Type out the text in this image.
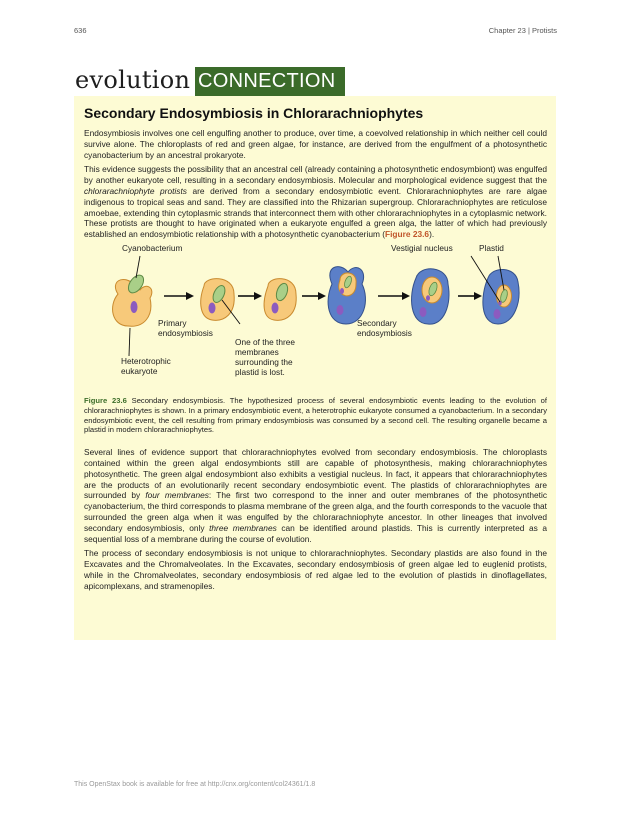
636	Chapter 23 | Protists
evolution CONNECTION
Secondary Endosymbiosis in Chlorarachniophytes

Endosymbiosis involves one cell engulfing another to produce, over time, a coevolved relationship in which neither cell could survive alone. The chloroplasts of red and green algae, for instance, are derived from the engulfment of a photosynthetic cyanobacterium by an ancestral prokaryote.

This evidence suggests the possibility that an ancestral cell (already containing a photosynthetic endosymbiont) was engulfed by another eukaryote cell, resulting in a secondary endosymbiosis. Molecular and morphological evidence suggest that the chlorarachniophyte protists are derived from a secondary endosymbiotic event. Chlorarachniophytes are rare algae indigenous to tropical seas and sand. They are classified into the Rhizarian supergroup. Chlorarachniophytes are reticulose amoebae, extending thin cytoplasmic strands that interconnect them with other chlorarachniophytes in a cytoplasmic network. These protists are thought to have originated when a eukaryote engulfed a green alga, the latter of which had previously established an endosymbiotic relationship with a photosynthetic cyanobacterium (Figure 23.6).

Cyanobacterium	Vestigial nucleus	Plastid
Primary
endosymbiosis
Secondary
endosymbiosis
Heterotrophic
eukaryote
One of the three
membranes
surrounding the
plastid is lost.
Figure 23.6 Secondary endosymbiosis. The hypothesized process of several endosymbiotic events leading to the evolution of chlorarachniophytes is shown. In a primary endosymbiotic event, a heterotrophic eukaryote consumed a cyanobacterium. In a secondary endosymbiotic event, the cell resulting from primary endosymbiosis was consumed by a second cell. The resulting organelle became a plastid in modern chlorarachniophytes.

Several lines of evidence support that chlorarachniophytes evolved from secondary endosymbiosis. The chloroplasts contained within the green algal endosymbionts still are capable of photosynthesis, making chlorarachniophytes photosynthetic. The green algal endosymbiont also exhibits a vestigial nucleus. In fact, it appears that chlorarachniophytes are the products of an evolutionarily recent secondary endosymbiotic event. The plastids of chlorarachniophytes are surrounded by four membranes: The first two correspond to the inner and outer membranes of the photosynthetic cyanobacterium, the third corresponds to plasma membrane of the green alga, and the fourth corresponds to the vacuole that surrounded the green alga when it was engulfed by the chlorarachniophyte ancestor. In other lineages that involved secondary endosymbiosis, only three membranes can be identified around plastids. This is currently interpreted as a sequential loss of a membrane during the course of evolution.

The process of secondary endosymbiosis is not unique to chlorarachniophytes. Secondary plastids are also found in the Excavates and the Chromalveolates. In the Excavates, secondary endosymbiosis of green algae led to euglenid protists, while in the Chromalveolates, secondary endosymbiosis of red algae led to the evolution of plastids in dinoflagellates, apicomplexans, and stramenopiles.

This OpenStax book is available for free at http://cnx.org/content/col24361/1.8
